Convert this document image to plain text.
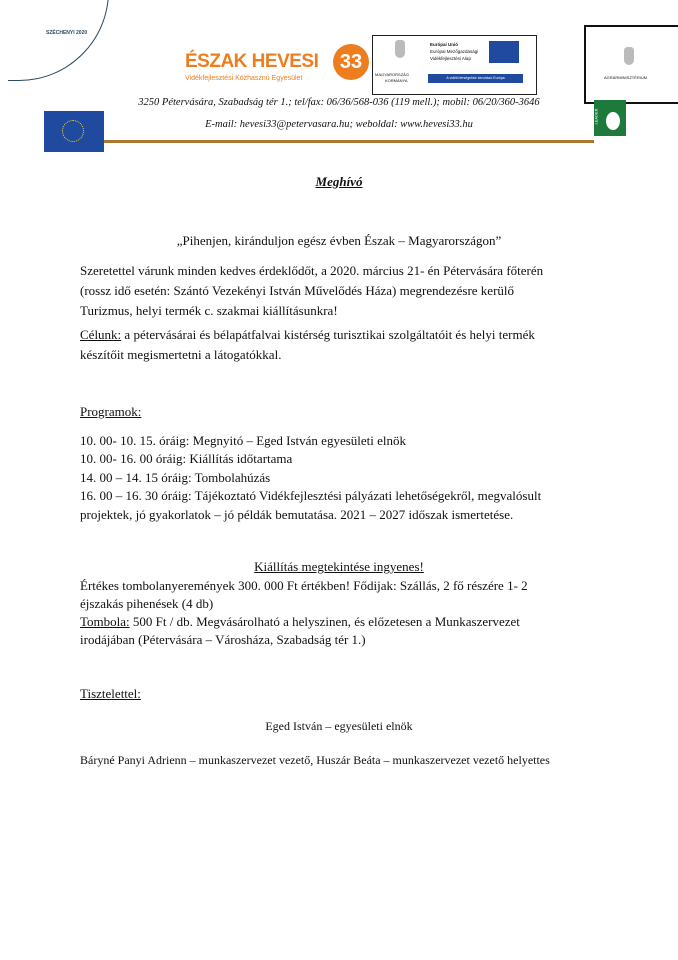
SZÉCHENYI 2020
ÉSZAK HEVESI
Vidékfejlesztési Közhasznú Egyesület
33
MAGYARORSZÁG
KORMÁNYA
Európai Unió
Európai Mezőgazdasági
Vidékfejlesztési Alap
A vidéki térségekbe beruházó Európa	AGRÁRMINISZTÉRIUM
LEADER
3250 Pétervására, Szabadság tér 1.; tel/fax: 06/36/568-036 (119 mell.); mobil: 06/20/360-3646
E-mail: hevesi33@petervasara.hu; weboldal: www.hevesi33.hu
Meghívó
„Pihenjen, kiránduljon egész évben Észak – Magyarországon”
Szeretettel várunk minden kedves érdeklődőt, a 2020. március 21- én Pétervására főterén
(rossz idő esetén: Szántó Vezekényi István Művelődés Háza) megrendezésre kerülő
Turizmus, helyi termék c. szakmai kiállításunkra!
Célunk: a pétervásárai és bélapátfalvai kistérség turisztikai szolgáltatóit és helyi termék
készítőit megismertetni a látogatókkal.
Programok:
10. 00- 10. 15. óráig: Megnyitó – Eged István egyesületi elnök
10. 00- 16. 00 óráig: Kiállítás időtartama
14. 00 – 14. 15 óráig: Tombolahúzás
16. 00 – 16. 30 óráig: Tájékoztató Vidékfejlesztési pályázati lehetőségekről, megvalósult
projektek, jó gyakorlatok – jó példák bemutatása. 2021 – 2027 időszak ismertetése.
Kiállítás megtekintése ingyenes!
Értékes tombolanyeremények 300. 000 Ft értékben! Fődijak: Szállás, 2 fő részére 1- 2
éjszakás pihenések (4 db)
Tombola: 500 Ft / db. Megvásárolható a helyszinen, és előzetesen a Munkaszervezet
irodájában (Pétervására – Városháza, Szabadság tér 1.)
Tisztelettel:
Eged István – egyesületi elnök
Báryné Panyi Adrienn – munkaszervezet vezető, Huszár Beáta – munkaszervezet vezető helyettes
